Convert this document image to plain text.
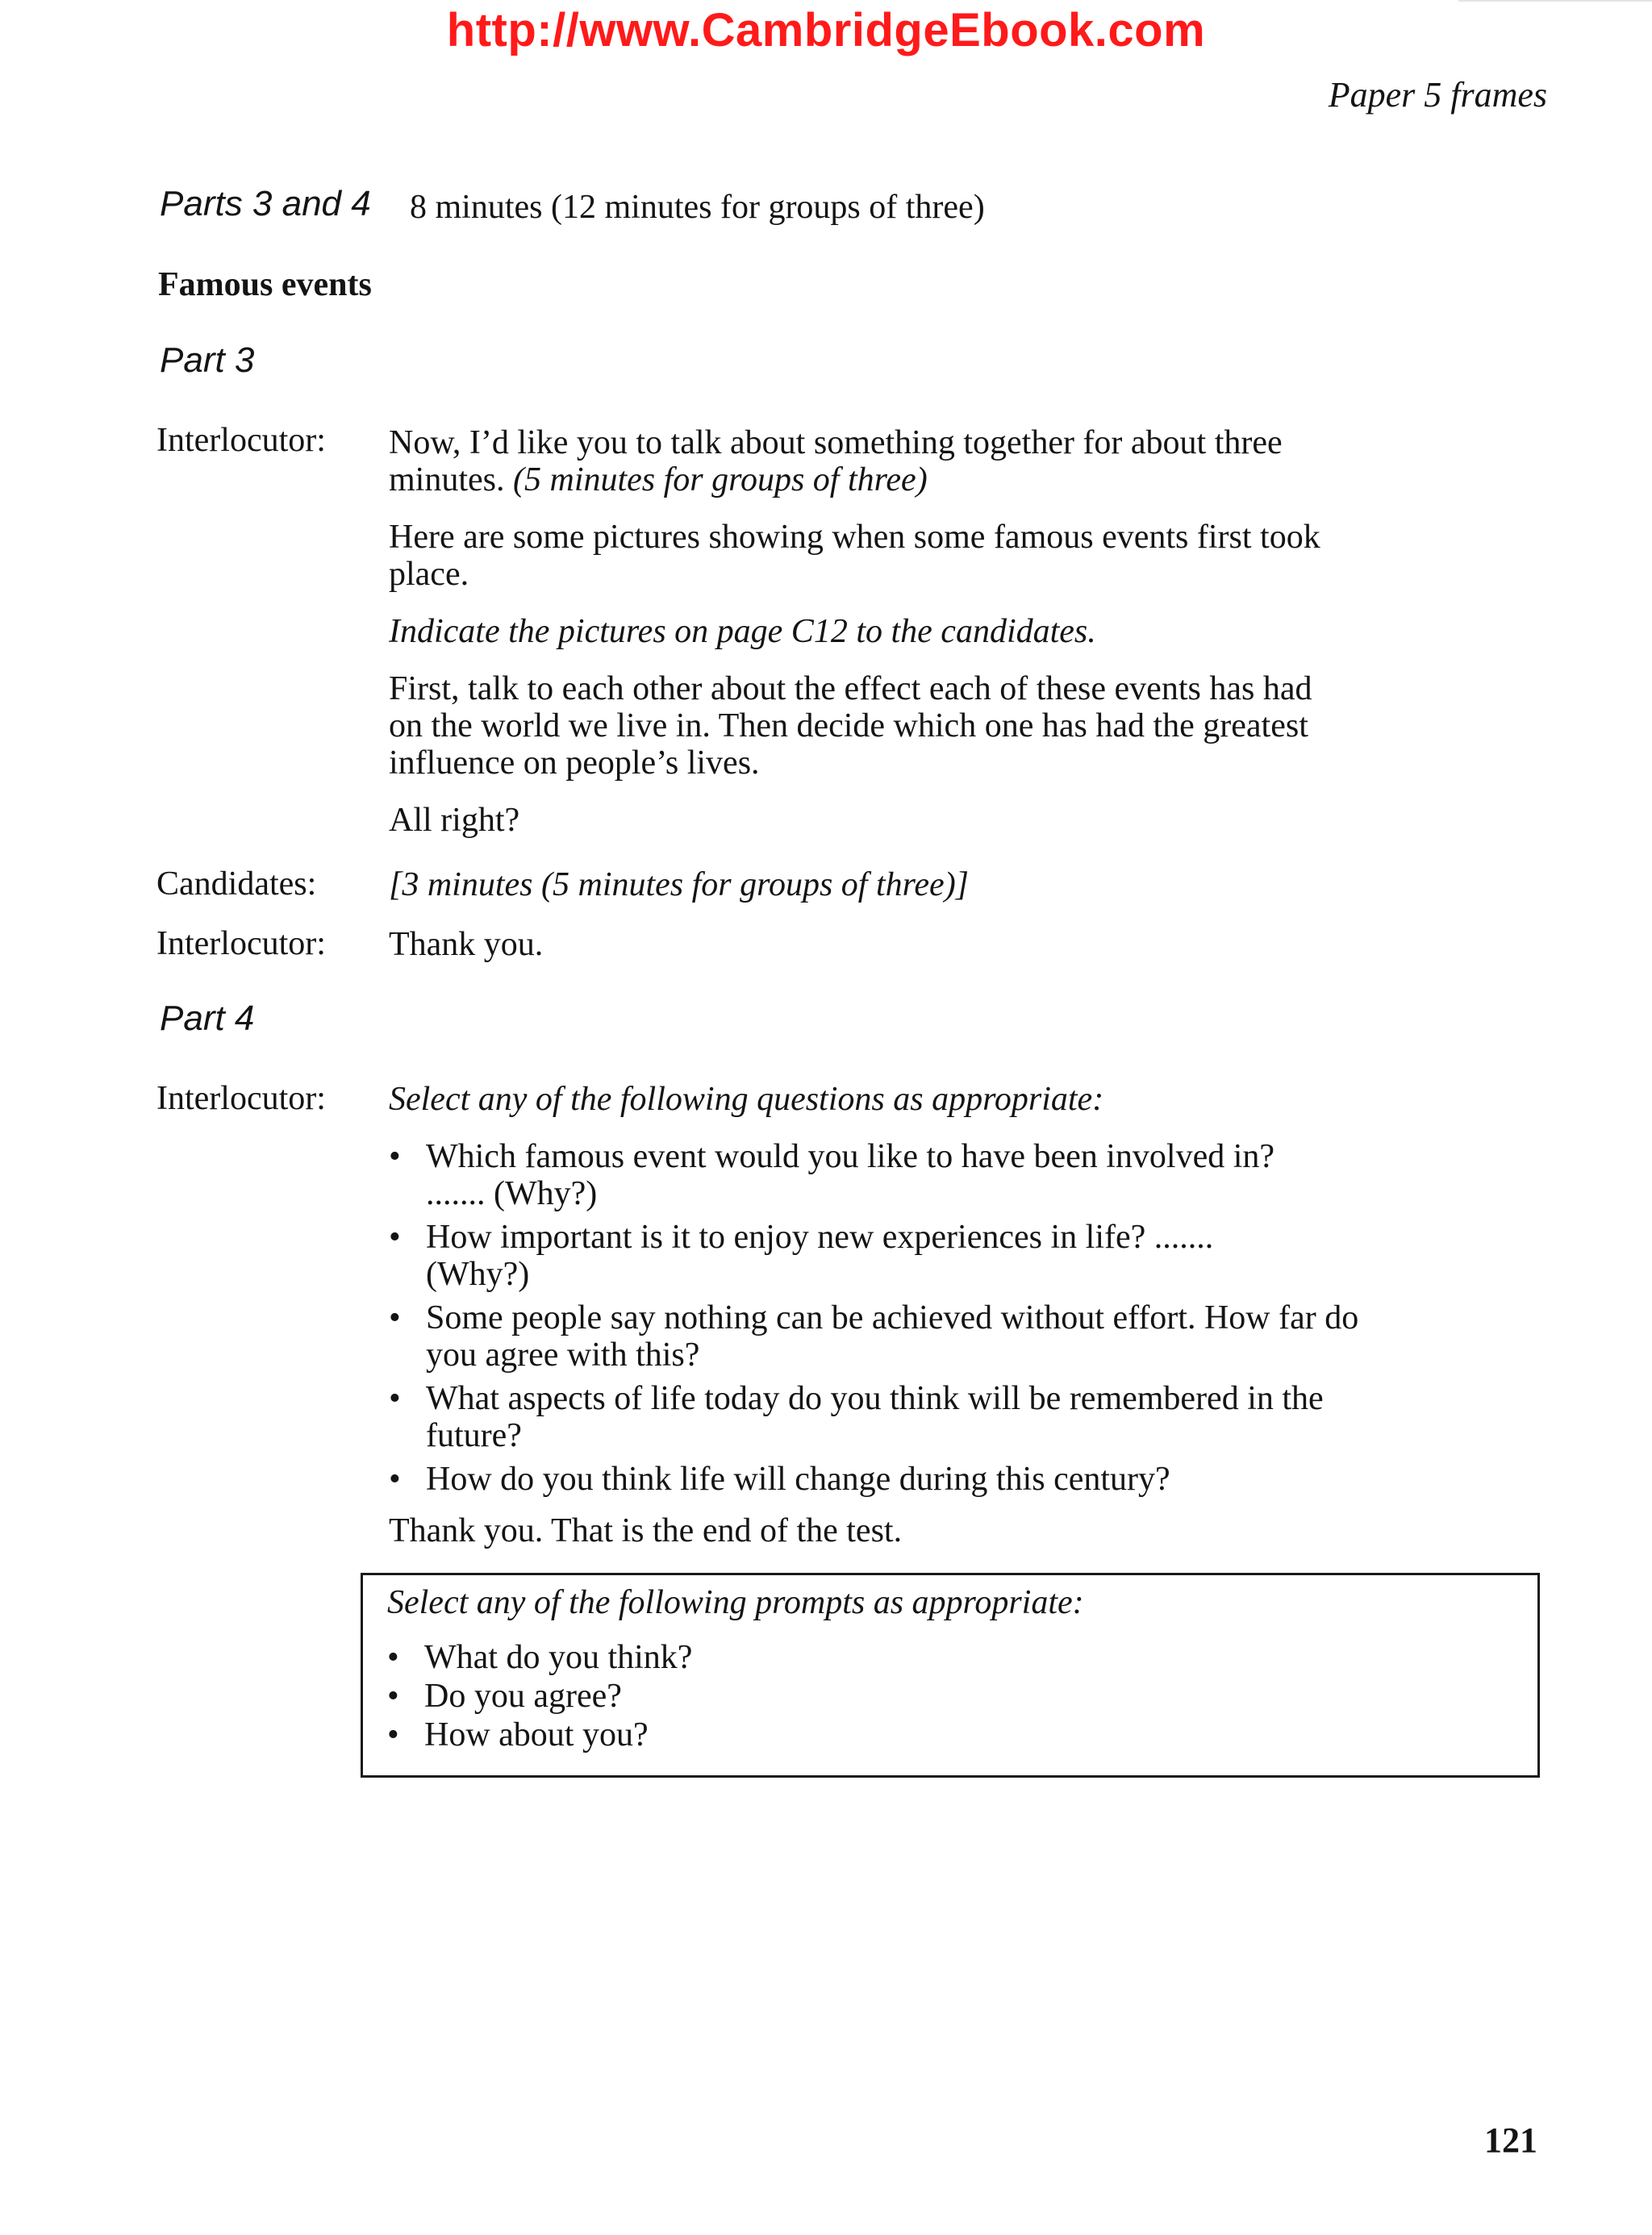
http://www.CambridgeEbook.com
Paper 5 frames
Parts 3 and 4 8 minutes (12 minutes for groups of three)
Famous events
Part 3
Interlocutor: Now, I’d like you to talk about something together for about three
minutes. (5 minutes for groups of three)

Here are some pictures showing when some famous events first took place.

Indicate the pictures on page C12 to the candidates.

First, talk to each other about the effect each of these events has had on the world we live in. Then decide which one has had the greatest influence on people’s lives.

All right?

Candidates: [3 minutes (5 minutes for groups of three)]
Interlocutor: Thank you.
Part 4
Interlocutor: Select any of the following questions as appropriate:

• Which famous event would you like to have been involved in? ....... (Why?)
• How important is it to enjoy new experiences in life? ....... (Why?)
• Some people say nothing can be achieved without effort. How far do you agree with this?
• What aspects of life today do you think will be remembered in the future?
• How do you think life will change during this century?

Thank you. That is the end of the test.

Select any of the following prompts as appropriate:
• What do you think?
• Do you agree?
• How about you?
121
